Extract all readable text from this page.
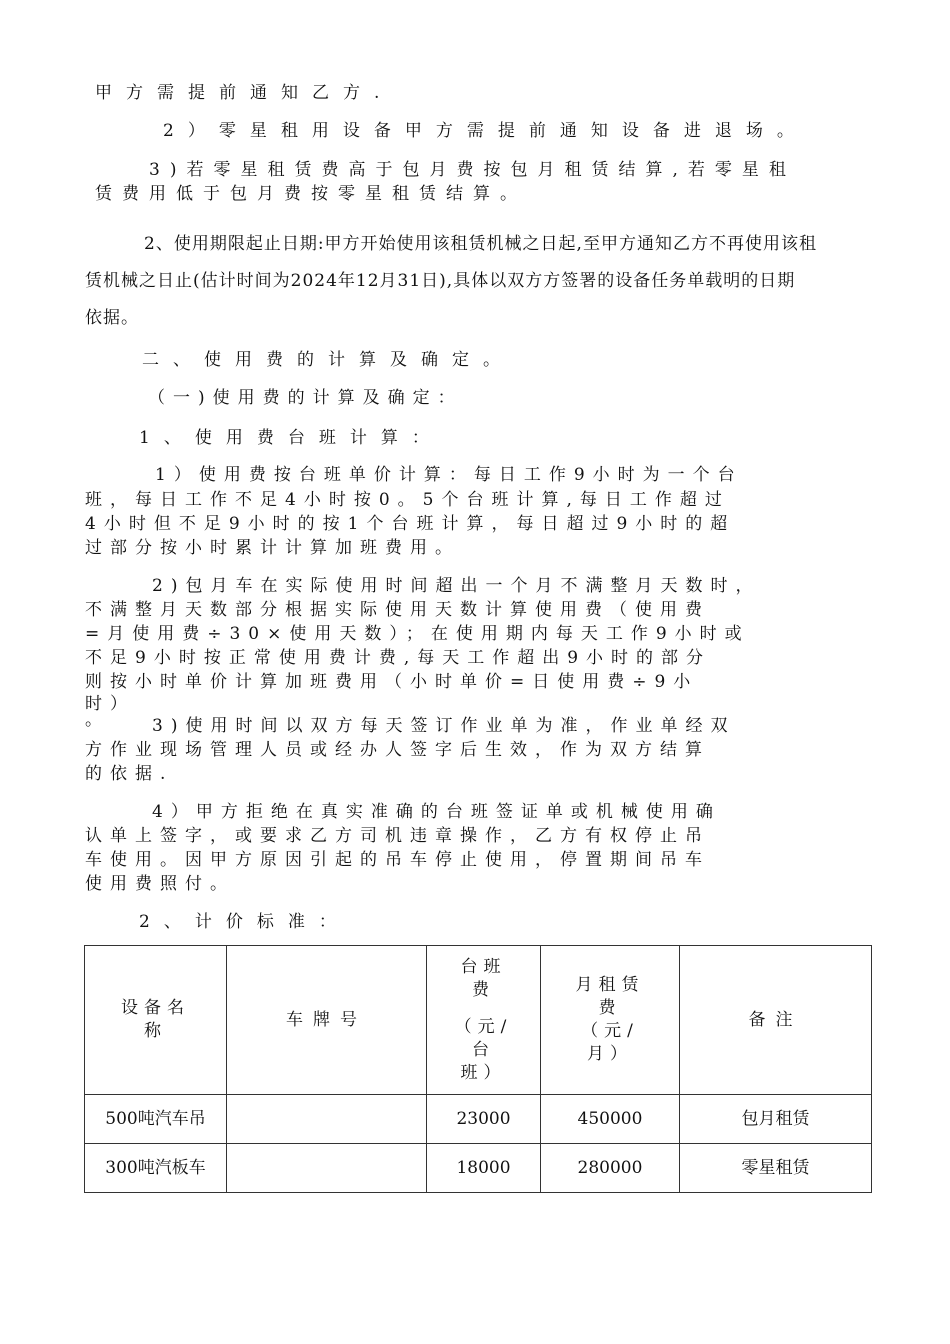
甲方需提前通知乙方.
2）零星租用设备甲方需提前通知设备进退场。
3)若零星租赁费高于包月费按包月租赁结算,若零星租
赁费用低于包月费按零星租赁结算。
2、使用期限起止日期:甲方开始使用该租赁机械之日起,至甲方通知乙方不再使用该租
赁机械之日止(估计时间为2024年12月31日),具体以双方方签署的设备任务单载明的日期
依据。
二、使用费的计算及确定。
（一)使用费的计算及确定：
1、使用费台班计算：
1）使用费按台班单价计算：每日工作9小时为一个台
班，每日工作不足4小时按0。5个台班计算,每日工作超过
4小时但不足9小时的按1个台班计算，每日超过9小时的超
过部分按小时累计计算加班费用。
2)包月车在实际使用时间超出一个月不满整月天数时，
不满整月天数部分根据实际使用天数计算使用费（使用费
=月使用费÷30×使用天数）；在使用期内每天工作9小时或
不足9小时按正常使用费计费,每天工作超出9小时的部分
则按小时单价计算加班费用（小时单价=日使用费÷9小
时）
。 3)使用时间以双方每天签订作业单为准，作业单经双
方作业现场管理人员或经办人签字后生效，作为双方结算
的依据.
4）甲方拒绝在真实准确的台班签证单或机械使用确
认单上签字，或要求乙方司机违章操作，乙方有权停止吊
车使用。因甲方原因引起的吊车停止使用，停置期间吊车
使用费照付。
2、计价标准：
设备名
称	车牌号	台班
费

（元/
台
班）	月租赁
费
（元/
月）	备注
500吨汽车吊		23000	450000	包月租赁
300吨汽板车		18000	280000	零星租赁
